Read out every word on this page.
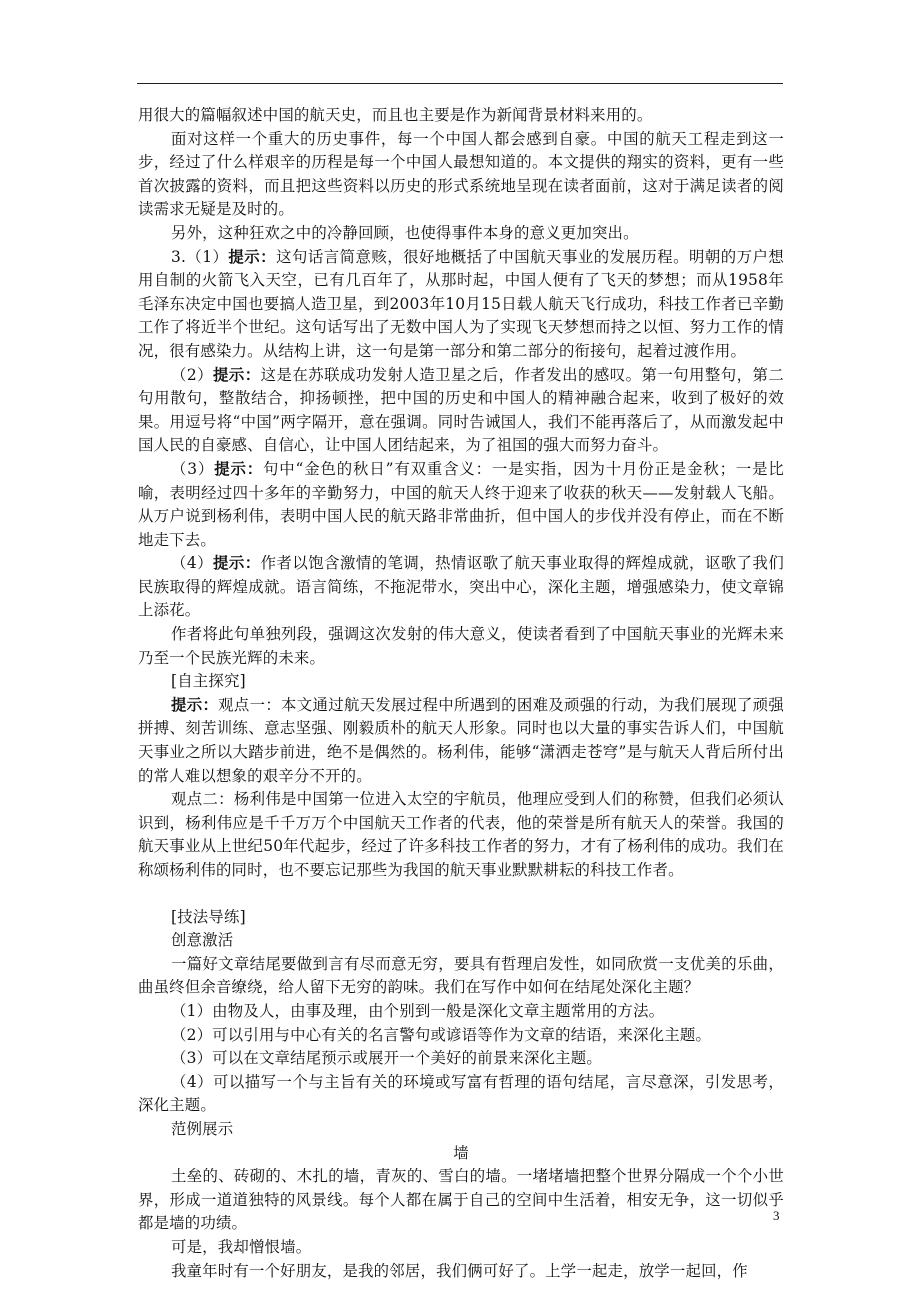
用很大的篇幅叙述中国的航天史，而且也主要是作为新闻背景材料来用的。

面对这样一个重大的历史事件，每一个中国人都会感到自豪。中国的航天工程走到这一步，经过了什么样艰辛的历程是每一个中国人最想知道的。本文提供的翔实的资料，更有一些首次披露的资料，而且把这些资料以历史的形式系统地呈现在读者面前，这对于满足读者的阅读需求无疑是及时的。

另外，这种狂欢之中的冷静回顾，也使得事件本身的意义更加突出。

3.（1）提示：这句话言简意赅，很好地概括了中国航天事业的发展历程。明朝的万户想用自制的火箭飞入天空，已有几百年了，从那时起，中国人便有了飞天的梦想；而从1958年毛泽东决定中国也要搞人造卫星，到2003年10月15日载人航天飞行成功，科技工作者已辛勤工作了将近半个世纪。这句话写出了无数中国人为了实现飞天梦想而持之以恒、努力工作的情况，很有感染力。从结构上讲，这一句是第一部分和第二部分的衔接句，起着过渡作用。

（2）提示：这是在苏联成功发射人造卫星之后，作者发出的感叹。第一句用整句，第二句用散句，整散结合，抑扬顿挫，把中国的历史和中国人的精神融合起来，收到了极好的效果。用逗号将“中国”两字隔开，意在强调。同时告诫国人，我们不能再落后了，从而激发起中国人民的自豪感、自信心，让中国人团结起来，为了祖国的强大而努力奋斗。

（3）提示：句中“金色的秋日”有双重含义：一是实指，因为十月份正是金秋；一是比喻，表明经过四十多年的辛勤努力，中国的航天人终于迎来了收获的秋天——发射载人飞船。从万户说到杨利伟，表明中国人民的航天路非常曲折，但中国人的步伐并没有停止，而在不断地走下去。

（4）提示：作者以饱含激情的笔调，热情讴歌了航天事业取得的辉煌成就，讴歌了我们民族取得的辉煌成就。语言简练，不拖泥带水，突出中心，深化主题，增强感染力，使文章锦上添花。

作者将此句单独列段，强调这次发射的伟大意义，使读者看到了中国航天事业的光辉未来乃至一个民族光辉的未来。

[自主探究]

提示：观点一：本文通过航天发展过程中所遇到的困难及顽强的行动，为我们展现了顽强拼搏、刻苦训练、意志坚强、刚毅质朴的航天人形象。同时也以大量的事实告诉人们，中国航天事业之所以大踏步前进，绝不是偶然的。杨利伟，能够“潇洒走苍穹”是与航天人背后所付出的常人难以想象的艰辛分不开的。

观点二：杨利伟是中国第一位进入太空的宇航员，他理应受到人们的称赞，但我们必须认识到，杨利伟应是千千万万个中国航天工作者的代表，他的荣誉是所有航天人的荣誉。我国的航天事业从上世纪50年代起步，经过了许多科技工作者的努力，才有了杨利伟的成功。我们在称颂杨利伟的同时，也不要忘记那些为我国的航天事业默默耕耘的科技工作者。

[技法导练]

创意激活

一篇好文章结尾要做到言有尽而意无穷，要具有哲理启发性，如同欣赏一支优美的乐曲，曲虽终但余音缭绕，给人留下无穷的韵味。我们在写作中如何在结尾处深化主题？

（1）由物及人，由事及理，由个别到一般是深化文章主题常用的方法。

（2）可以引用与中心有关的名言警句或谚语等作为文章的结语，来深化主题。

（3）可以在文章结尾预示或展开一个美好的前景来深化主题。

（4）可以描写一个与主旨有关的环境或写富有哲理的语句结尾，言尽意深，引发思考，深化主题。

范例展示

墙

土垒的、砖砌的、木扎的墙，青灰的、雪白的墙。一堵堵墙把整个世界分隔成一个个小世界，形成一道道独特的风景线。每个人都在属于自己的空间中生活着，相安无争，这一切似乎都是墙的功绩。

可是，我却憎恨墙。

我童年时有一个好朋友，是我的邻居，我们俩可好了。上学一起走，放学一起回，作

3
